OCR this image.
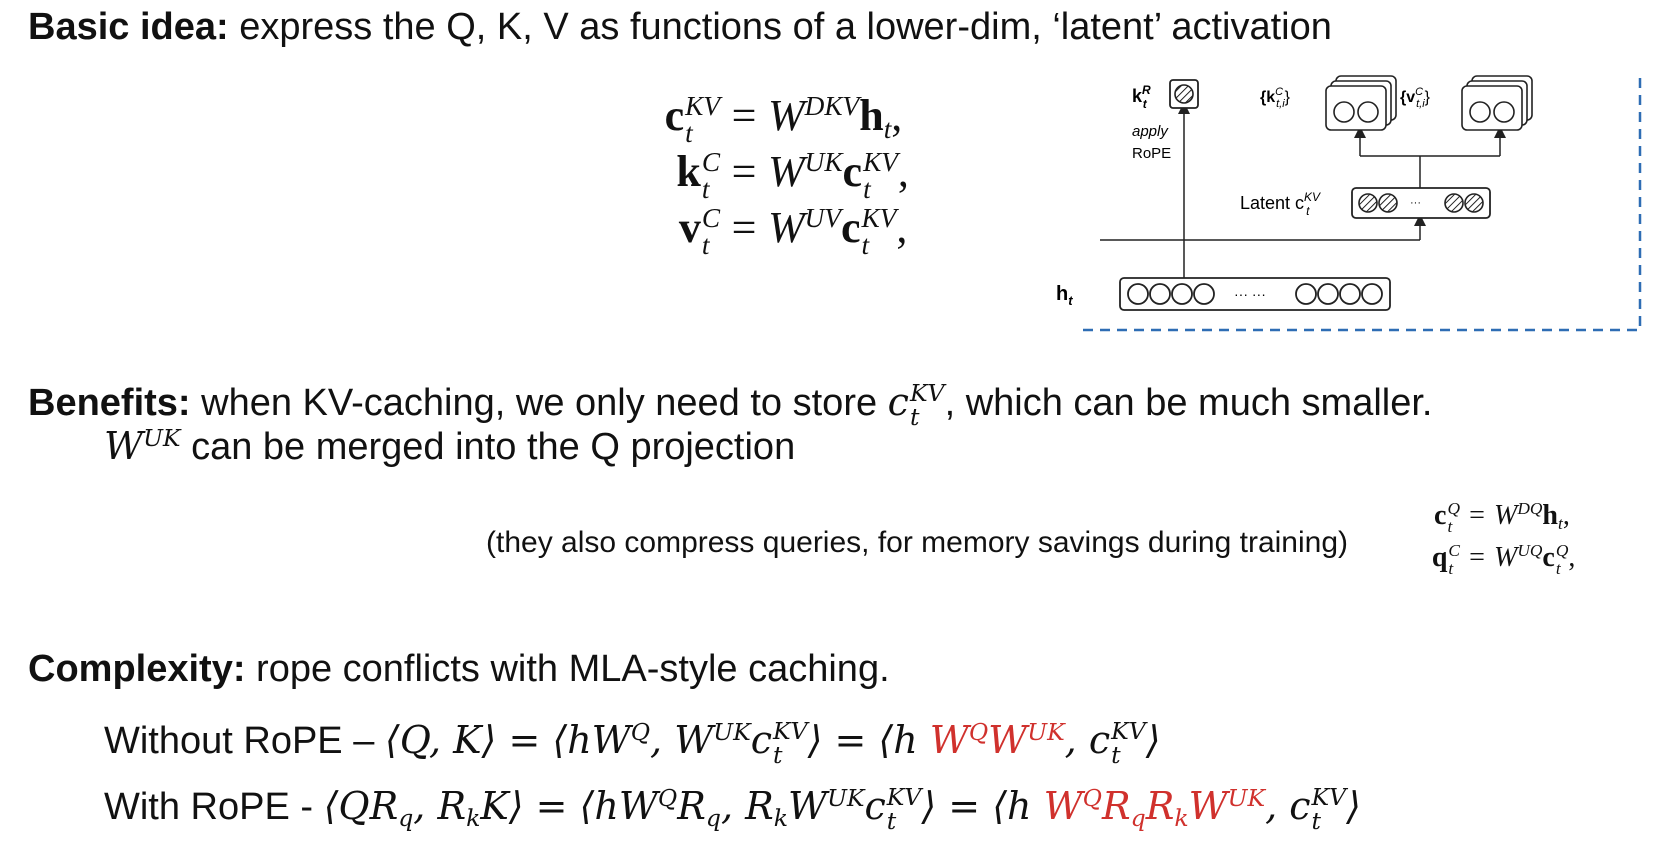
Basic idea: express the Q, K, V as functions of a lower-dim, ‘latent’ activation
c KV
$t = W^{DKV}h_t$,
k C
$t = W^{UK}c$ KV
t ,
v C
$t = W^{UV}c$ KV
t ,
$h_t$	··· ···
$k^R$ t
apply
RoPE
Latent $c^{KV}$ t
···
{$k^C$ t,i}	{$v^C$ t,i}
Benefits: when KV-caching, we only need to store c KV
t , which can be much smaller.
$W^{UK}$ can be merged into the Q projection
(they also compress queries, for memory savings during training)
c Q
$t = W^{DQ}h_t$,
q C
$t = W^{UQ}c$ Q
t ,
Complexity: rope conflicts with MLA-style caching.
Without RoPE – ⟨Q, K⟩ = $⟨hW^Q$, $W^{UK}c$ KV
t ⟩ = ⟨h $W^QW^{UK}$, c KV
t ⟩
With RoPE - $⟨QR_q$, $R_kK⟩$ = $⟨hW^QR_q$, $R_kW^{UK}c$ KV
t ⟩ = ⟨h $W^QR_qR_kW^{UK}$, c KV
t ⟩
